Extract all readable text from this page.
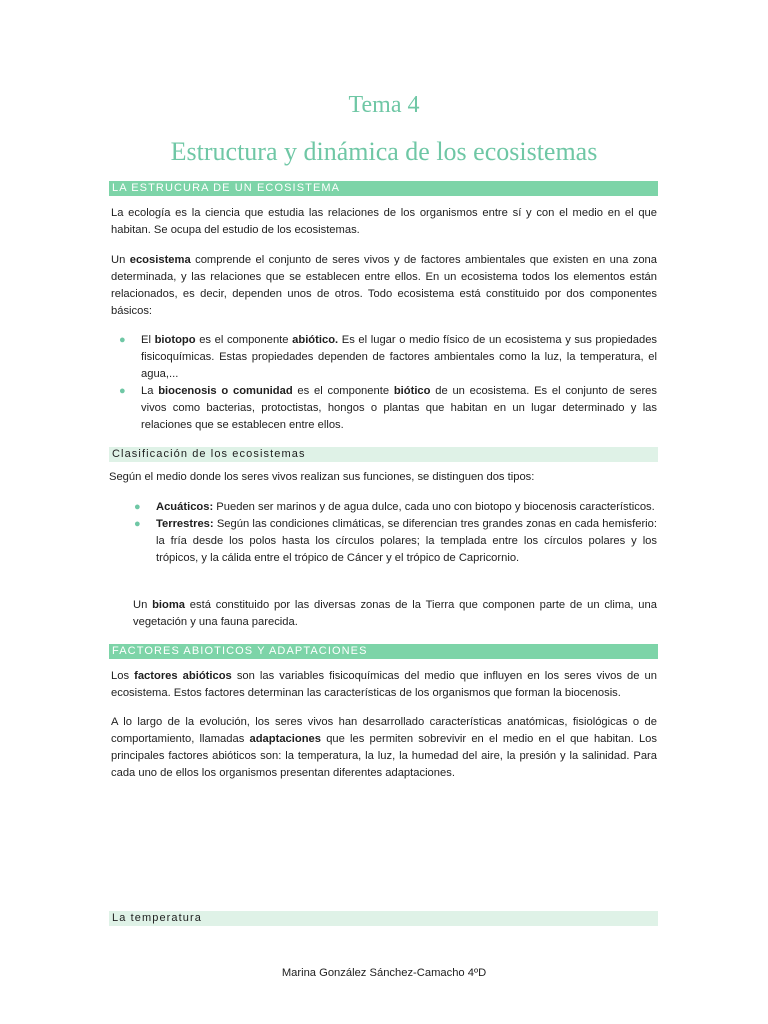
Tema 4
Estructura y dinámica de los ecosistemas
LA ESTRUCURA DE UN ECOSISTEMA

La ecología es la ciencia que estudia las relaciones de los organismos entre sí y con el medio en el que habitan. Se ocupa del estudio de los ecosistemas.

Un ecosistema comprende el conjunto de seres vivos y de factores ambientales que existen en una zona determinada, y las relaciones que se establecen entre ellos. En un ecosistema todos los elementos están relacionados, es decir, dependen unos de otros. Todo ecosistema está constituido por dos componentes básicos:

● El biotopo es el componente abiótico. Es el lugar o medio físico de un ecosistema y sus propiedades fisicoquímicas. Estas propiedades dependen de factores ambientales como la luz, la temperatura, el agua,...
● La biocenosis o comunidad es el componente biótico de un ecosistema. Es el conjunto de seres vivos como bacterias, protoctistas, hongos o plantas que habitan en un lugar determinado y las relaciones que se establecen entre ellos.
Clasificación de los ecosistemas

Según el medio donde los seres vivos realizan sus funciones, se distinguen dos tipos:

● Acuáticos: Pueden ser marinos y de agua dulce, cada uno con biotopo y biocenosis característicos.
● Terrestres: Según las condiciones climáticas, se diferencian tres grandes zonas en cada hemisferio: la fría desde los polos hasta los círculos polares; la templada entre los círculos polares y los trópicos, y la cálida entre el trópico de Cáncer y el trópico de Capricornio.

Un bioma está constituido por las diversas zonas de la Tierra que componen parte de un clima, una vegetación y una fauna parecida.

FACTORES ABIOTICOS Y ADAPTACIONES

Los factores abióticos son las variables fisicoquímicas del medio que influyen en los seres vivos de un ecosistema. Estos factores determinan las características de los organismos que forman la biocenosis.

A lo largo de la evolución, los seres vivos han desarrollado características anatómicas, fisiológicas o de comportamiento, llamadas adaptaciones que les permiten sobrevivir en el medio en el que habitan. Los principales factores abióticos son: la temperatura, la luz, la humedad del aire, la presión y la salinidad. Para cada uno de ellos los organismos presentan diferentes adaptaciones.

La temperatura
Marina González Sánchez-Camacho 4ºD
